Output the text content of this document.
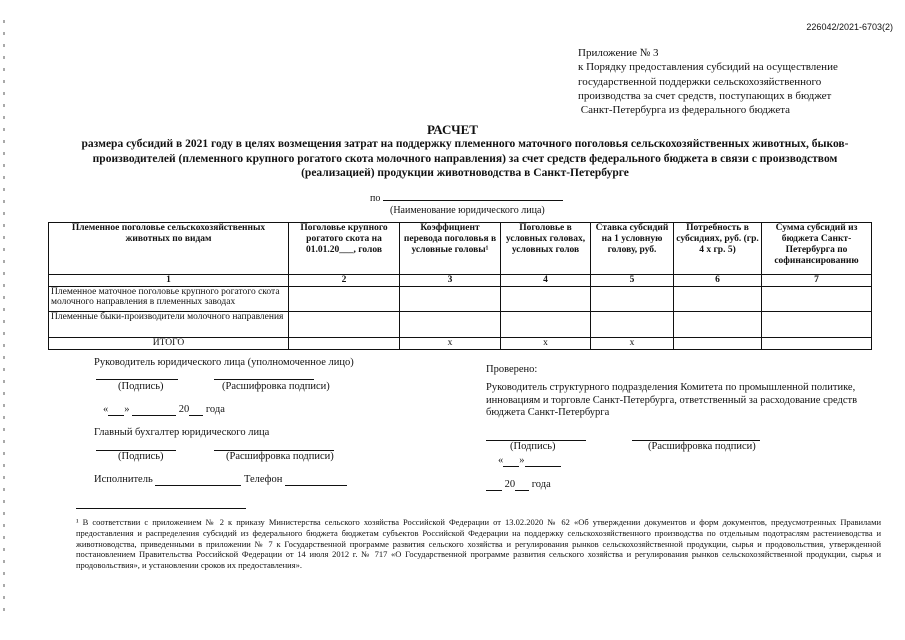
226042/2021-6703(2)
Приложение № 3
к Порядку предоставления субсидий на осуществление
государственной поддержки сельскохозяйственного
производства за счет средств, поступающих в бюджет
Санкт-Петербурга из федерального бюджета
РАСЧЕТ
размера субсидий в 2021 году в целях возмещения затрат на поддержку племенного маточного поголовья сельскохозяйственных животных, быков-производителей (племенного крупного рогатого скота молочного направления) за счет средств федерального бюджета в связи с производством (реализацией) продукции животноводства в Санкт-Петербурге
по
(Наименование юридического лица)
Племенное поголовье сельскохозяйственных животных по видам	Поголовье крупного рогатого скота на 01.01.20___, голов	Коэффициент перевода поголовья в условные головы¹	Поголовье в условных головах, условных голов	Ставка субсидий на 1 условную голову, руб.	Потребность в субсидиях, руб. (гр. 4 х гр. 5)	Сумма субсидий из бюджета Санкт-Петербурга по софинансированию
1	2	3	4	5	6	7
Племенное маточное поголовье крупного рогатого скота молочного направления в племенных заводах						
Племенные быки-производители молочного направления						
ИТОГО		х	х	х		
Руководитель юридического лица (уполномоченное лицо)
(Подпись)	(Расшифровка подписи)
« »	20 года
Главный бухгалтер юридического лица
(Подпись)	(Расшифровка подписи)
Исполнитель	Телефон
Проверено:
Руководитель структурного подразделения Комитета по промышленной политике, инновациям и торговле Санкт-Петербурга, ответственный за расходование средств бюджета Санкт-Петербурга
(Подпись)	(Расшифровка подписи)
« »
20 года
¹ В соответствии с приложением № 2 к приказу Министерства сельского хозяйства Российской Федерации от 13.02.2020 № 62 «Об утверждении документов и форм документов, предусмотренных Правилами предоставления и распределения субсидий из федерального бюджета бюджетам субъектов Российской Федерации на поддержку сельскохозяйственного производства по отдельным подотраслям растениеводства и животноводства, приведенными в приложении № 7 к Государственной программе развития сельского хозяйства и регулирования рынков сельскохозяйственной продукции, сырья и продовольствия, утвержденной постановлением Правительства Российской Федерации от 14 июля 2012 г. № 717 «О Государственной программе развития сельского хозяйства и регулирования рынков сельскохозяйственной продукции, сырья и продовольствия», и установлении сроков их предоставления».
